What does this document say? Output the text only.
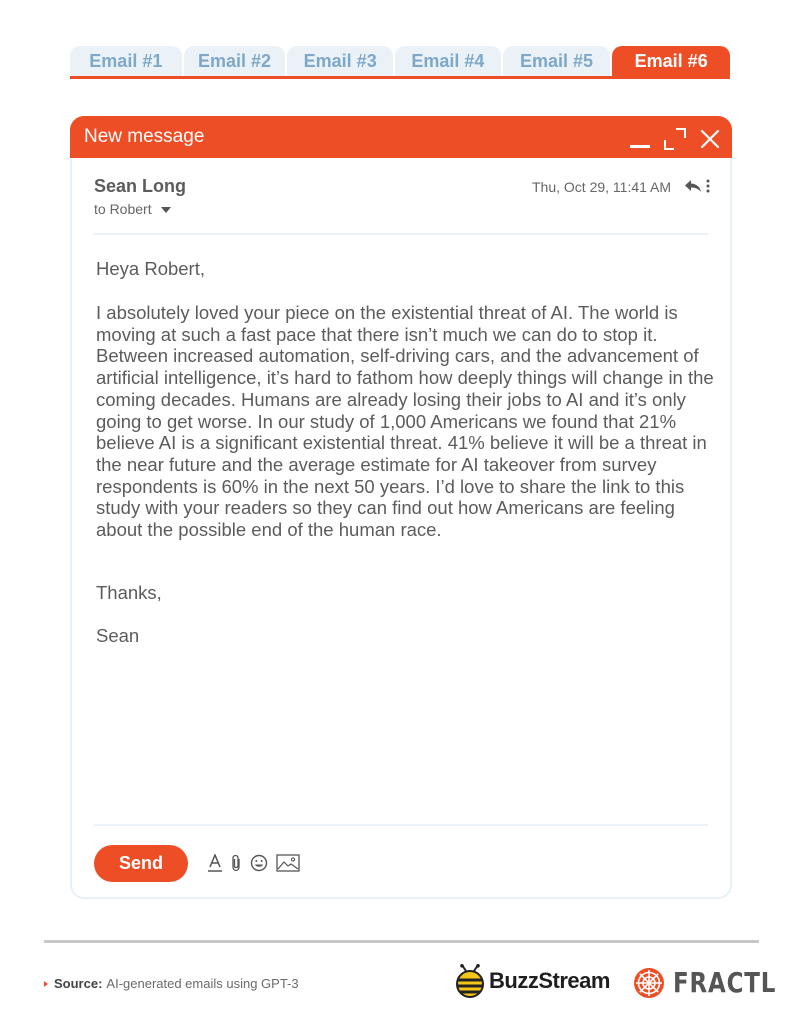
Email #1	Email #2	Email #3	Email #4	Email #5	Email #6
New message
Sean Long
to Robert
Thu, Oct 29, 11:41 AM
Heya Robert,
I absolutely loved your piece on the existential threat of AI. The world is moving at such a fast pace that there isn’t much we can do to stop it. Between increased automation, self-driving cars, and the advancement of artificial intelligence, it’s hard to fathom how deeply things will change in the coming decades. Humans are already losing their jobs to AI and it’s only going to get worse. In our study of 1,000 Americans we found that 21% believe AI is a significant existential threat. 41% believe it will be a threat in the near future and the average estimate for AI takeover from survey respondents is 60% in the next 50 years. I’d love to share the link to this study with your readers so they can find out how Americans are feeling about the possible end of the human race.
Thanks,
Sean
Send
Source: AI-generated emails using GPT-3	BuzzStream FRACTL
